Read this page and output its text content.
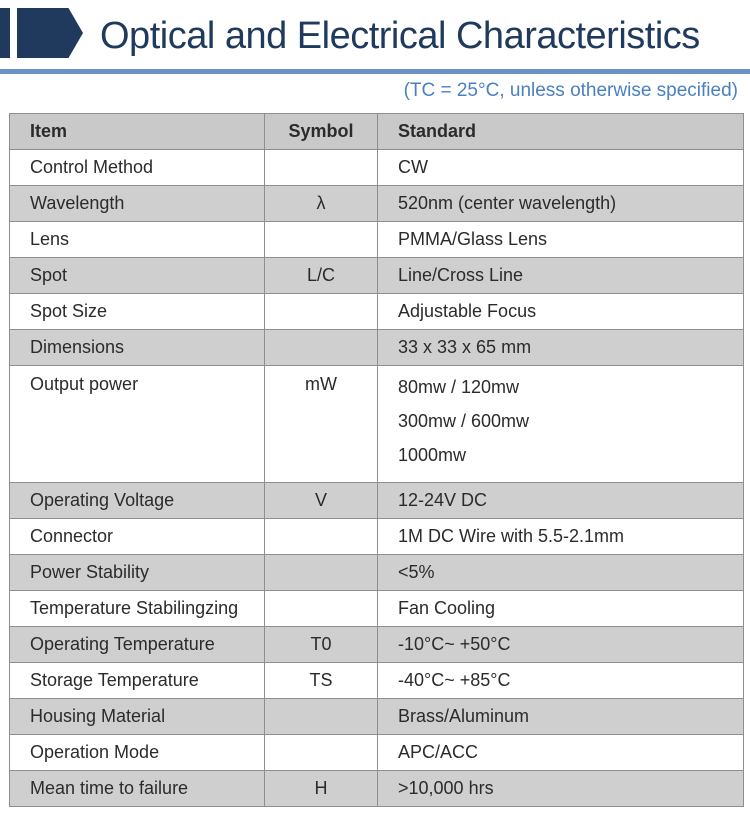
Optical and Electrical Characteristics
(TC = 25°C, unless otherwise specified)
Item	Symbol	Standard
Control Method		CW
Wavelength	λ	520nm (center wavelength)
Lens		PMMA/Glass Lens
Spot	L/C	Line/Cross Line
Spot Size		Adjustable Focus
Dimensions		33 x 33 x 65 mm
Output power	mW	80mw / 120mw
300mw / 600mw
1000mw

Operating Voltage	V	12-24V DC
Connector		1M DC Wire with 5.5-2.1mm
Power Stability		<5%
Temperature Stabilingzing		Fan Cooling
Operating Temperature	T0	-10°C~ +50°C
Storage Temperature	TS	-40°C~ +85°C
Housing Material		Brass/Aluminum
Operation Mode		APC/ACC
Mean time to failure	H	>10,000 hrs
